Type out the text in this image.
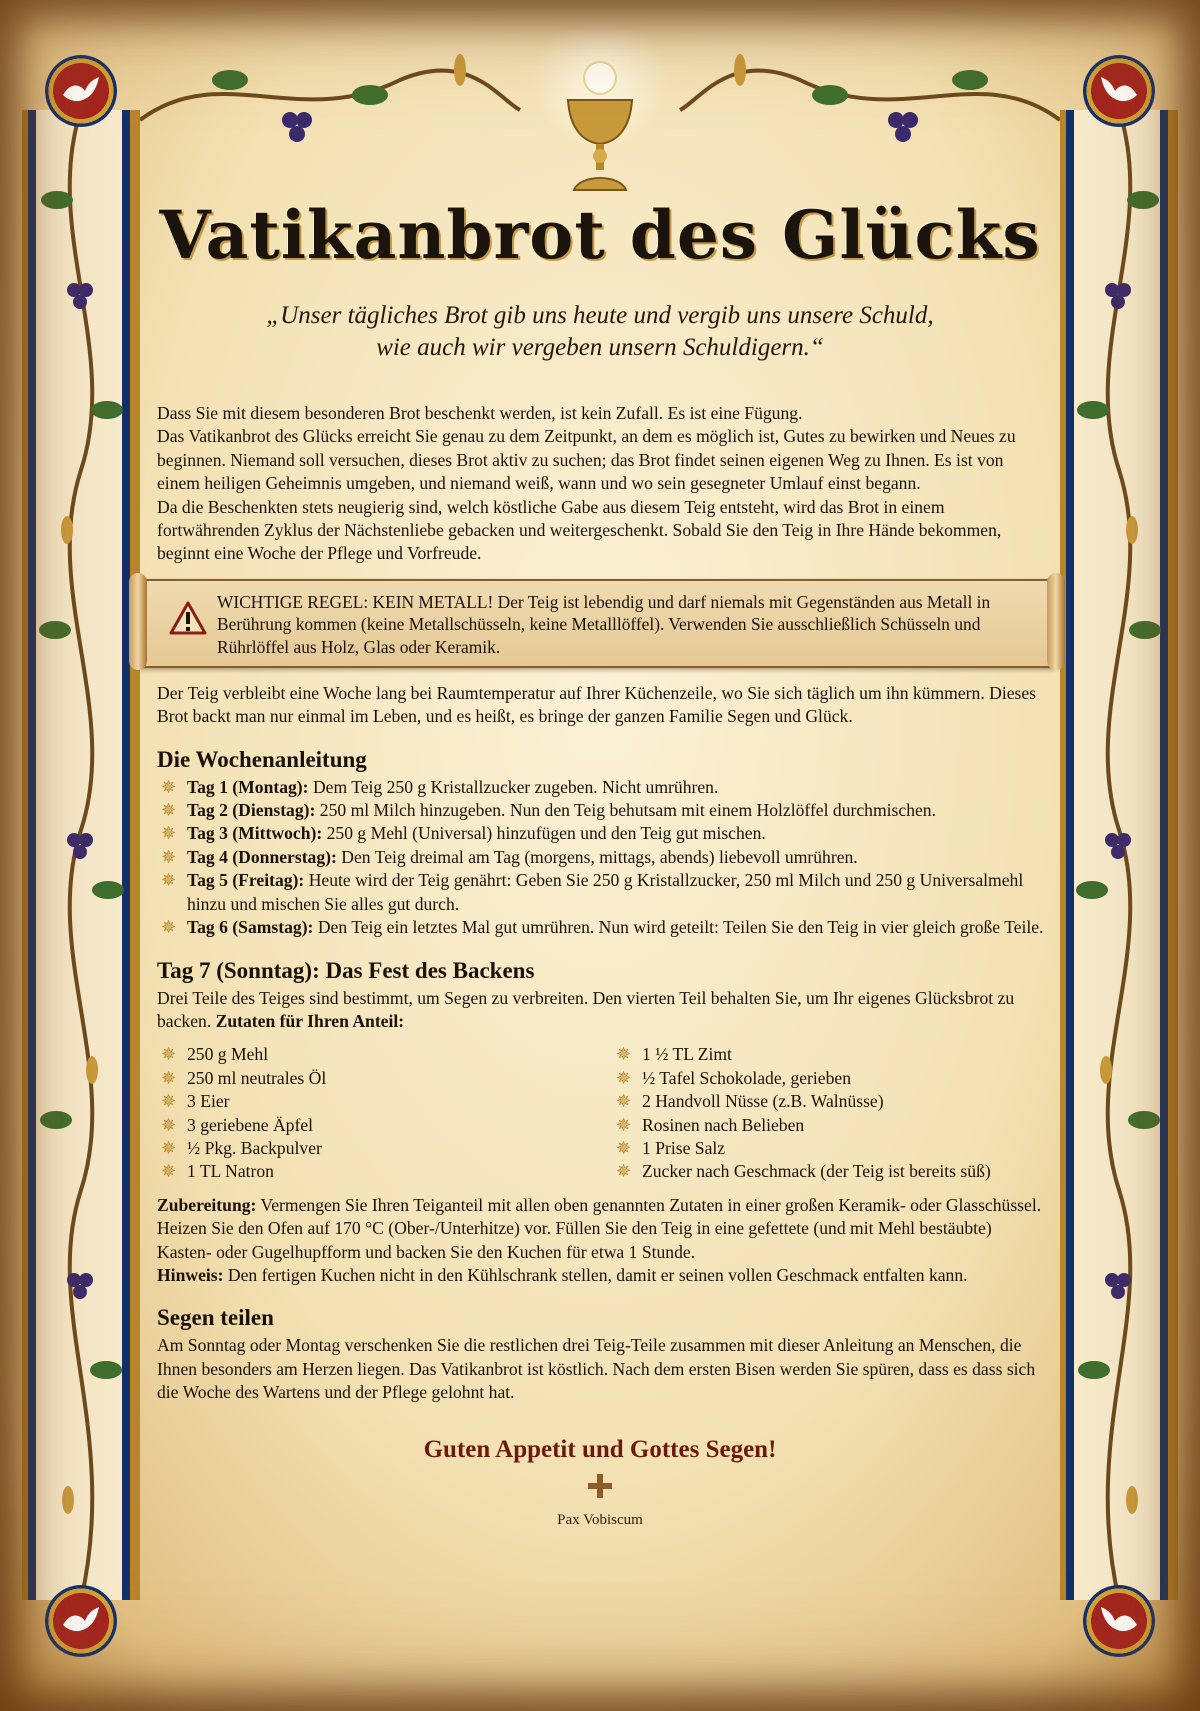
Vatikanbrot des Glücks
„Unser tägliches Brot gib uns heute und vergib uns unsere Schuld,
wie auch wir vergeben unsern Schuldigern.“

Dass Sie mit diesem besonderen Brot beschenkt werden, ist kein Zufall. Es ist eine Fügung.

Das Vatikanbrot des Glücks erreicht Sie genau zu dem Zeitpunkt, an dem es möglich ist, Gutes zu bewirken und Neues zu beginnen. Niemand soll versuchen, dieses Brot aktiv zu suchen; das Brot findet seinen eigenen Weg zu Ihnen. Es ist von einem heiligen Geheimnis umgeben, und niemand weiß, wann und wo sein gesegneter Umlauf einst begann.

Da die Beschenkten stets neugierig sind, welch köstliche Gabe aus diesem Teig entsteht, wird das Brot in einem fortwährenden Zyklus der Nächstenliebe gebacken und weitergeschenkt. Sobald Sie den Teig in Ihre Hände bekommen, beginnt eine Woche der Pflege und Vorfreude.

WICHTIGE REGEL: KEIN METALL! Der Teig ist lebendig und darf niemals mit Gegenständen aus Metall in Berührung kommen (keine Metallschüsseln, keine Metalllöffel). Verwenden Sie ausschließlich Schüsseln und Rührlöffel aus Holz, Glas oder Keramik.

Der Teig verbleibt eine Woche lang bei Raumtemperatur auf Ihrer Küchenzeile, wo Sie sich täglich um ihn kümmern. Dieses Brot backt man nur einmal im Leben, und es heißt, es bringe der ganzen Familie Segen und Glück.

Die Wochenanleitung
✵ Tag 1 (Montag): Dem Teig 250 g Kristallzucker zugeben. Nicht umrühren.
✵ Tag 2 (Dienstag): 250 ml Milch hinzugeben. Nun den Teig behutsam mit einem Holzlöffel durchmischen.
✵ Tag 3 (Mittwoch): 250 g Mehl (Universal) hinzufügen und den Teig gut mischen.
✵ Tag 4 (Donnerstag): Den Teig dreimal am Tag (morgens, mittags, abends) liebevoll umrühren.
✵ Tag 5 (Freitag): Heute wird der Teig genährt: Geben Sie 250 g Kristallzucker, 250 ml Milch und 250 g Universalmehl hinzu und mischen Sie alles gut durch.
✵ Tag 6 (Samstag): Den Teig ein letztes Mal gut umrühren. Nun wird geteilt: Teilen Sie den Teig in vier gleich große Teile.
Tag 7 (Sonntag): Das Fest des Backens

Drei Teile des Teiges sind bestimmt, um Segen zu verbreiten. Den vierten Teil behalten Sie, um Ihr eigenes Glücksbrot zu backen. Zutaten für Ihren Anteil:

✵ 250 g Mehl
✵ 250 ml neutrales Öl
✵ 3 Eier
✵ 3 geriebene Äpfel
✵ ½ Pkg. Backpulver
✵ 1 TL Natron
✵ 1 ½ TL Zimt
✵ ½ Tafel Schokolade, gerieben
✵ 2 Handvoll Nüsse (z.B. Walnüsse)
✵ Rosinen nach Belieben
✵ 1 Prise Salz
✵ Zucker nach Geschmack (der Teig ist bereits süß)

Zubereitung: Vermengen Sie Ihren Teiganteil mit allen oben genannten Zutaten in einer großen Keramik- oder Glasschüssel. Heizen Sie den Ofen auf 170 °C (Ober-/Unterhitze) vor. Füllen Sie den Teig in eine gefettete (und mit Mehl bestäubte) Kasten- oder Gugelhupfform und backen Sie den Kuchen für etwa 1 Stunde.

Hinweis: Den fertigen Kuchen nicht in den Kühlschrank stellen, damit er seinen vollen Geschmack entfalten kann.

Segen teilen

Am Sonntag oder Montag verschenken Sie die restlichen drei Teig-Teile zusammen mit dieser Anleitung an Menschen, die Ihnen besonders am Herzen liegen. Das Vatikanbrot ist köstlich. Nach dem ersten Bisen werden Sie spüren, dass es dass sich die Woche des Wartens und der Pflege gelohnt hat.

Guten Appetit und Gottes Segen!
Pax Vobiscum
